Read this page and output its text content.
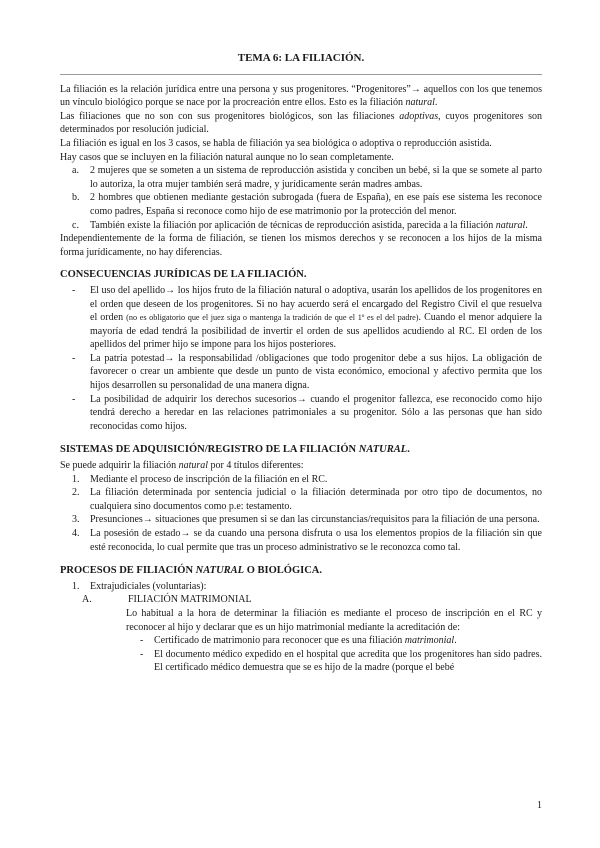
TEMA 6: LA FILIACIÓN.

La filiación es la relación jurídica entre una persona y sus progenitores. “Progenitores”→ aquellos con los que tenemos un vínculo biológico porque se nace por la procreación entre ellos. Esto es la filiación natural.

Las filiaciones que no son con sus progenitores biológicos, son las filiaciones adoptivas, cuyos progenitores son determinados por resolución judicial.

La filiación es igual en los 3 casos, se habla de filiación ya sea biológica o adoptiva o reproducción asistida.

Hay casos que se incluyen en la filiación natural aunque no lo sean completamente.

a. 2 mujeres que se someten a un sistema de reproducción asistida y conciben un bebé, si la que se somete al parto lo autoriza, la otra mujer también será madre, y jurídicamente serán madres ambas.
b. 2 hombres que obtienen mediante gestación subrogada (fuera de España), en ese país ese sistema les reconoce como padres, España si reconoce como hijo de ese matrimonio por la protección del menor.
c. También existe la filiación por aplicación de técnicas de reproducción asistida, parecida a la filiación natural.

Independientemente de la forma de filiación, se tienen los mismos derechos y se reconocen a los hijos de la misma forma jurídicamente, no hay diferencias.

CONSECUENCIAS JURÍDICAS DE LA FILIACIÓN.
- El uso del apellido→ los hijos fruto de la filiación natural o adoptiva, usarán los apellidos de los progenitores en el orden que deseen de los progenitores. Si no hay acuerdo será el encargado del Registro Civil el que resuelva el orden (no es obligatorio que el juez siga o mantenga la tradición de que el 1º es el del padre). Cuando el menor adquiere la mayoría de edad tendrá la posibilidad de invertir el orden de sus apellidos acudiendo al RC. El orden de los apellidos del primer hijo se impone para los hijos posteriores.
- La patria potestad→ la responsabilidad /obligaciones que todo progenitor debe a sus hijos. La obligación de favorecer o crear un ambiente que desde un punto de vista económico, emocional y afectivo permita que los hijos desarrollen su personalidad de una manera digna.
- La posibilidad de adquirir los derechos sucesorios→ cuando el progenitor fallezca, ese reconocido como hijo tendrá derecho a heredar en las relaciones patrimoniales a su progenitor. Sólo a las personas que han sido reconocidas como hijos.
SISTEMAS DE ADQUISICIÓN/REGISTRO DE LA FILIACIÓN NATURAL.

Se puede adquirir la filiación natural por 4 títulos diferentes:

1. Mediante el proceso de inscripción de la filiación en el RC.
2. La filiación determinada por sentencia judicial o la filiación determinada por otro tipo de documentos, no cualquiera sino documentos como p.e: testamento.
3. Presunciones→ situaciones que presumen si se dan las circunstancias/requisitos para la filiación de una persona.
4. La posesión de estado→ se da cuando una persona disfruta o usa los elementos propios de la filiación sin que esté reconocida, lo cual permite que tras un proceso administrativo se le reconozca como tal.
PROCESOS DE FILIACIÓN NATURAL O BIOLÓGICA.
1. Extrajudiciales (voluntarias):
A.	FILIACIÓN MATRIMONIAL

Lo habitual a la hora de determinar la filiación es mediante el proceso de inscripción en el RC y reconocer al hijo y declarar que es un hijo matrimonial mediante la acreditación de:

- Certificado de matrimonio para reconocer que es una filiación matrimonial.
- El documento médico expedido en el hospital que acredita que los progenitores han sido padres. El certificado médico demuestra que se es hijo de la madre (porque el bebé
1
